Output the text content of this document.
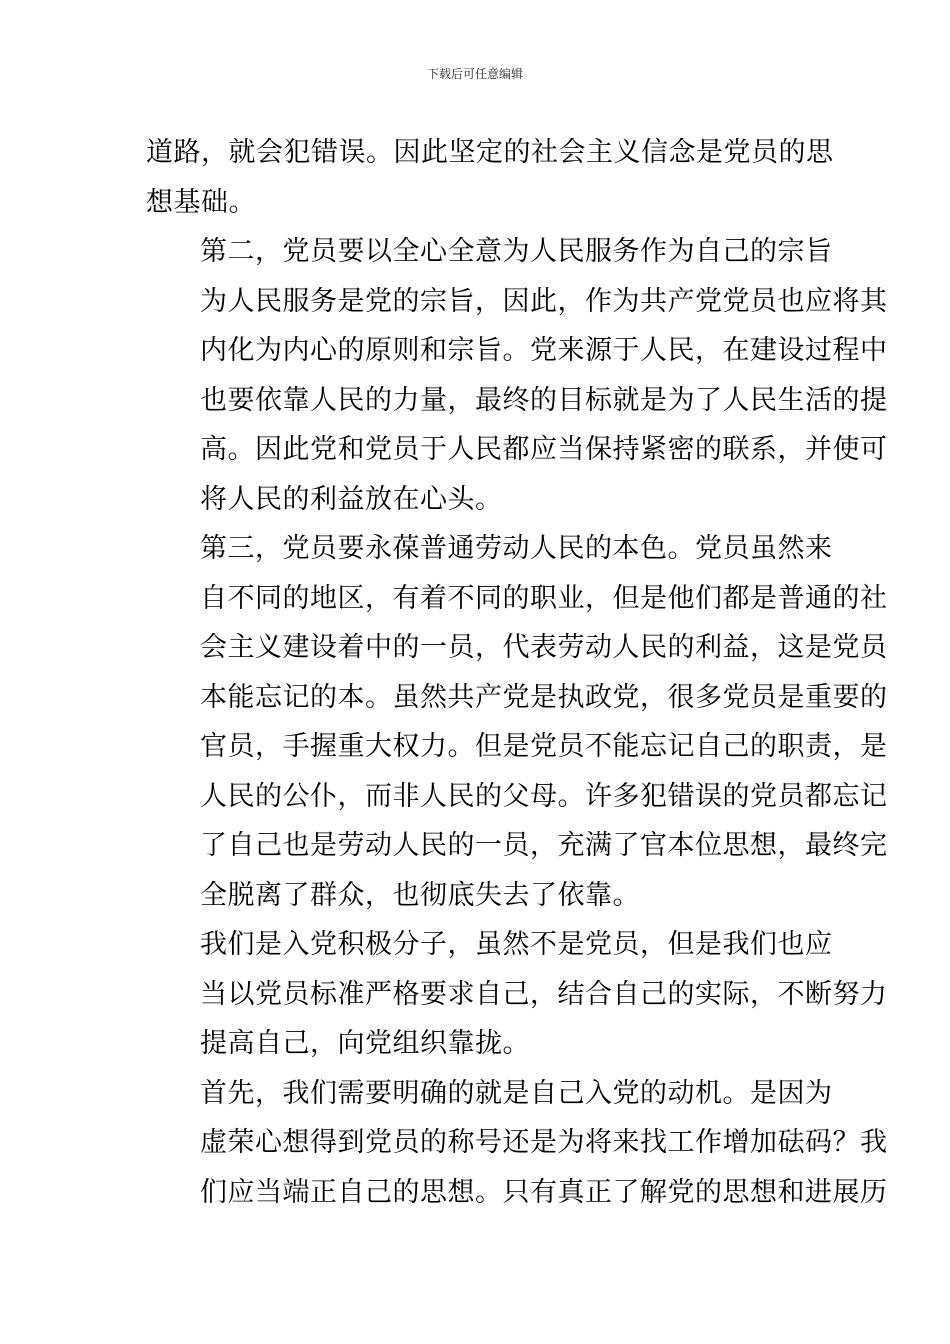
下载后可任意编辑

道路，就会犯错误。因此坚定的社会主义信念是党员的思
想基础。

第二，党员要以全心全意为人民服务作为自己的宗旨
为人民服务是党的宗旨，因此，作为共产党党员也应将其
内化为内心的原则和宗旨。党来源于人民，在建设过程中
也要依靠人民的力量，最终的目标就是为了人民生活的提
高。因此党和党员于人民都应当保持紧密的联系，并使可
将人民的利益放在心头。

第三，党员要永葆普通劳动人民的本色。党员虽然来
自不同的地区，有着不同的职业，但是他们都是普通的社
会主义建设着中的一员，代表劳动人民的利益，这是党员
本能忘记的本。虽然共产党是执政党，很多党员是重要的
官员，手握重大权力。但是党员不能忘记自己的职责，是
人民的公仆，而非人民的父母。许多犯错误的党员都忘记
了自己也是劳动人民的一员，充满了官本位思想，最终完
全脱离了群众，也彻底失去了依靠。

我们是入党积极分子，虽然不是党员，但是我们也应
当以党员标准严格要求自己，结合自己的实际，不断努力
提高自己，向党组织靠拢。

首先，我们需要明确的就是自己入党的动机。是因为
虚荣心想得到党员的称号还是为将来找工作增加砝码？我
们应当端正自己的思想。只有真正了解党的思想和进展历
